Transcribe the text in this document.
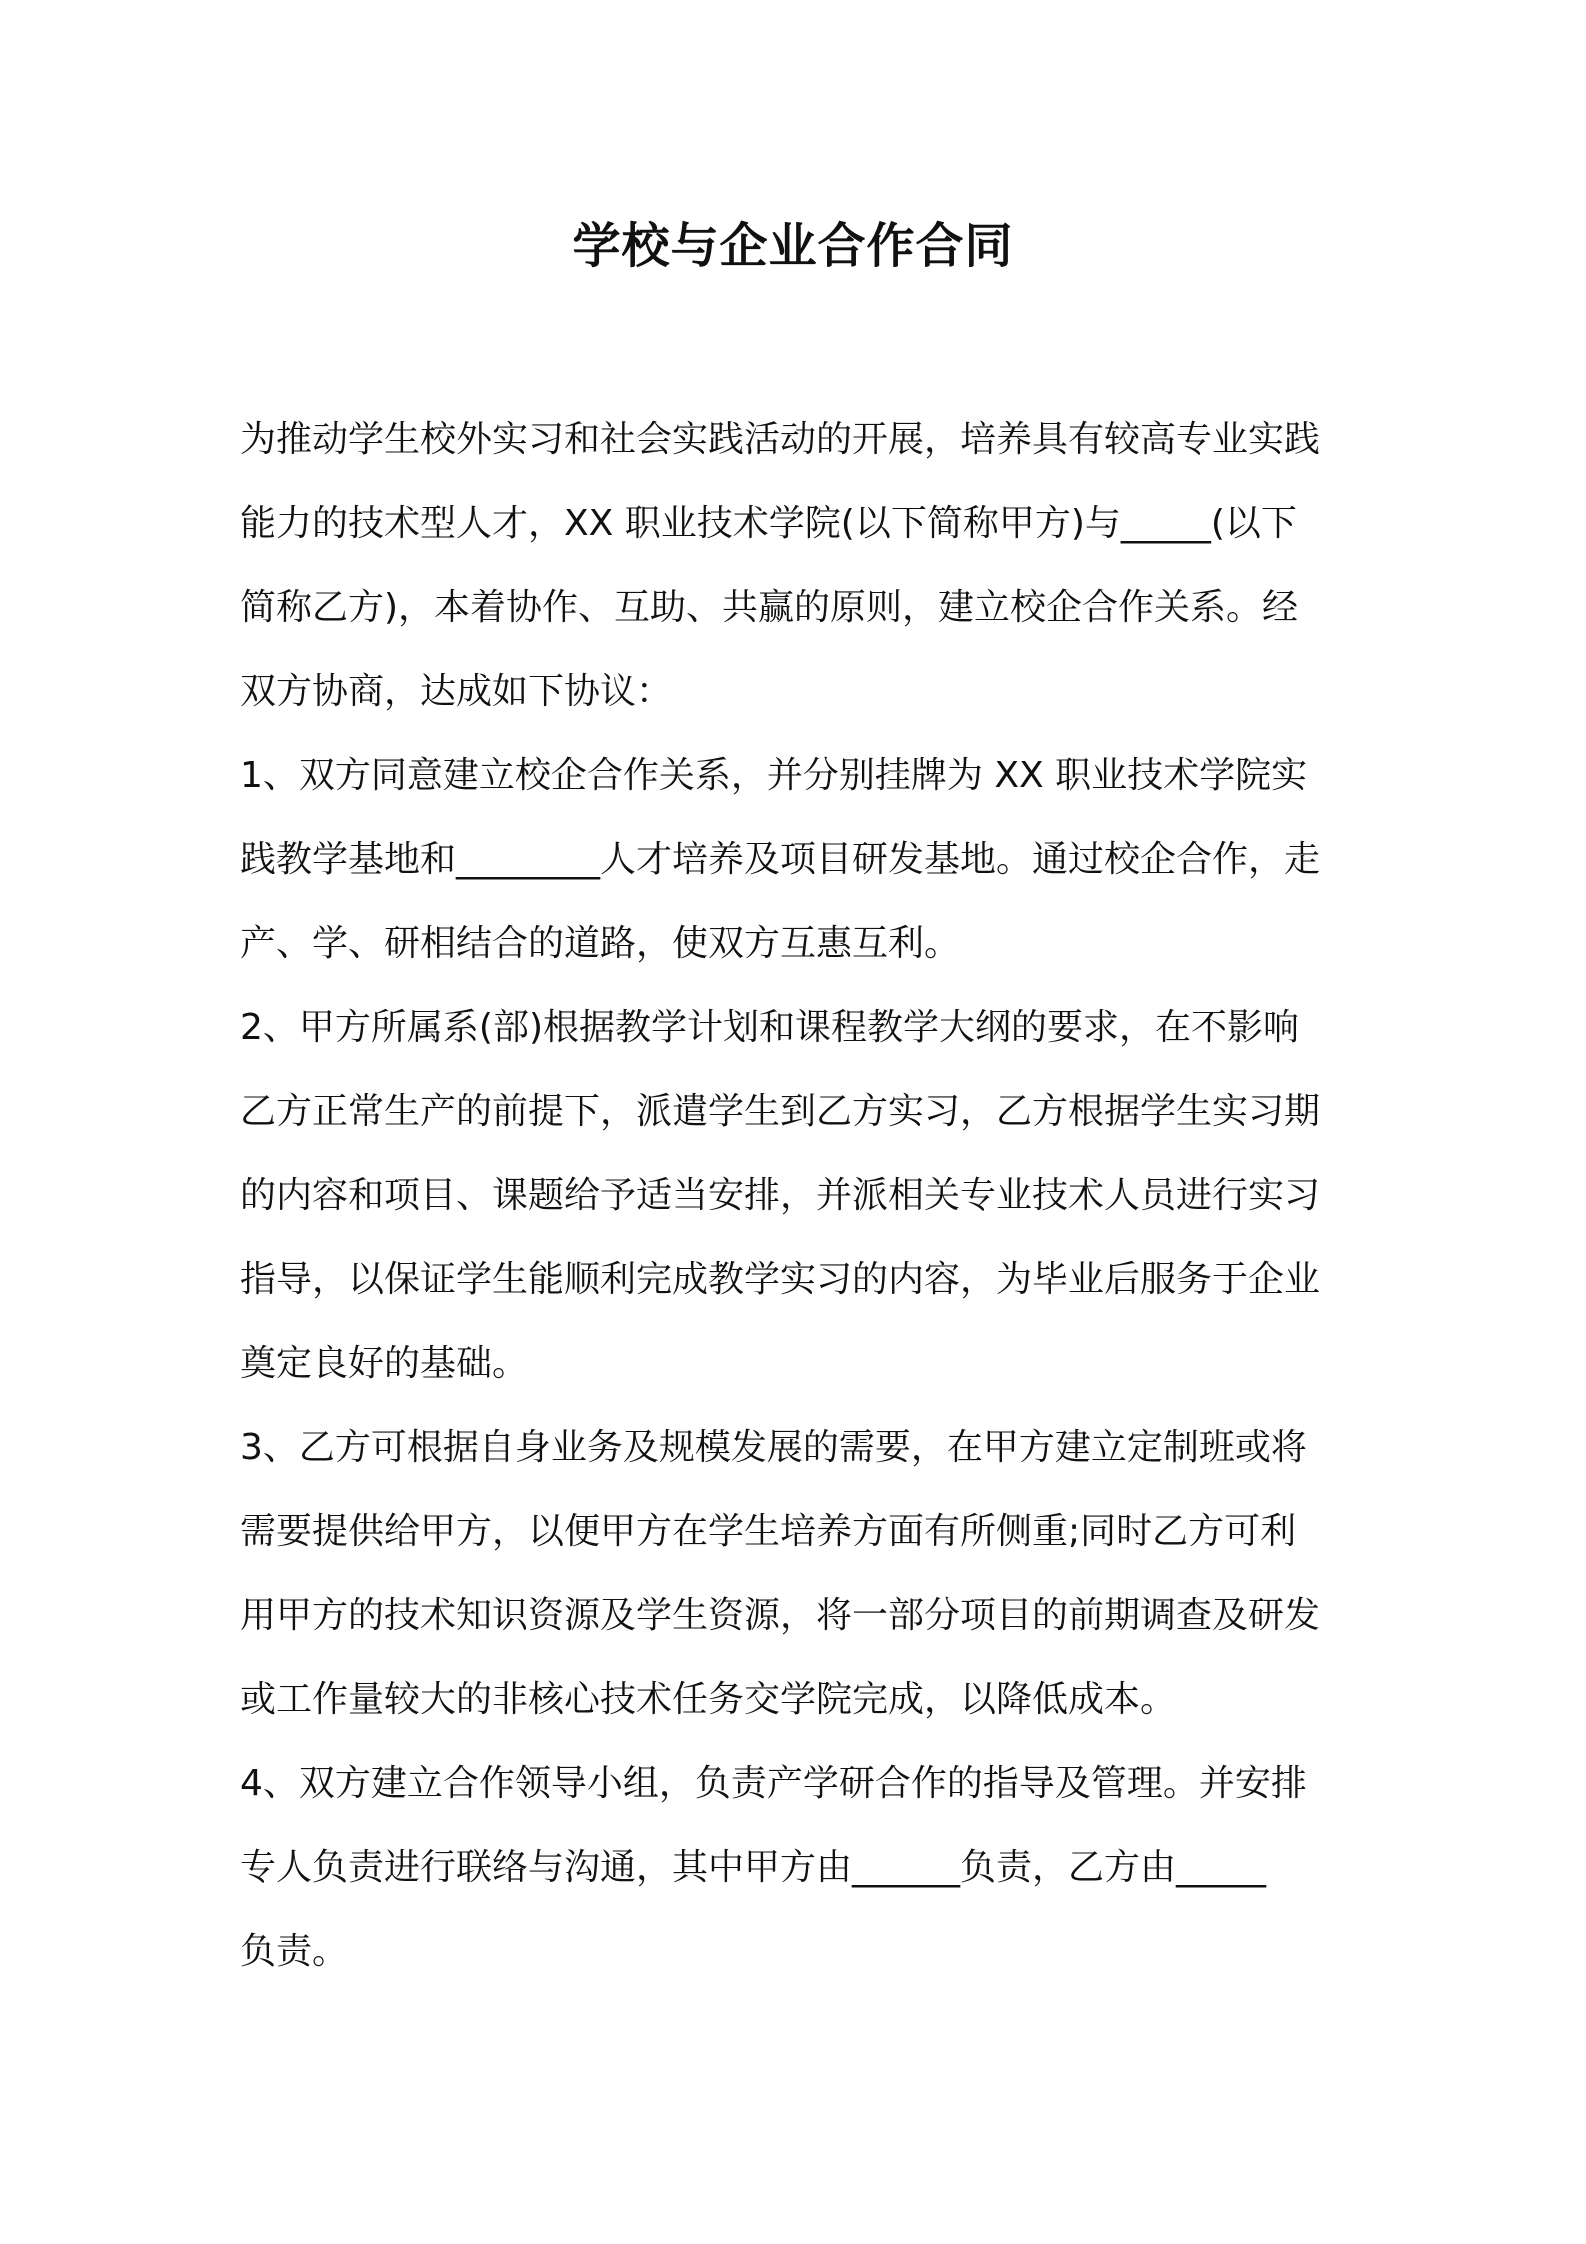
学校与企业合作合同
为推动学生校外实习和社会实践活动的开展，培养具有较高专业实践
能力的技术型人才，XX 职业技术学院(以下简称甲方)与_____(以下
简称乙方)，本着协作、互助、共赢的原则，建立校企合作关系。经
双方协商，达成如下协议：
1、双方同意建立校企合作关系，并分别挂牌为 XX 职业技术学院实
践教学基地和________人才培养及项目研发基地。通过校企合作，走
产、学、研相结合的道路，使双方互惠互利。
2、甲方所属系(部)根据教学计划和课程教学大纲的要求，在不影响
乙方正常生产的前提下，派遣学生到乙方实习，乙方根据学生实习期
的内容和项目、课题给予适当安排，并派相关专业技术人员进行实习
指导，以保证学生能顺利完成教学实习的内容，为毕业后服务于企业
奠定良好的基础。
3、乙方可根据自身业务及规模发展的需要，在甲方建立定制班或将
需要提供给甲方，以便甲方在学生培养方面有所侧重;同时乙方可利
用甲方的技术知识资源及学生资源，将一部分项目的前期调查及研发
或工作量较大的非核心技术任务交学院完成，以降低成本。
4、双方建立合作领导小组，负责产学研合作的指导及管理。并安排
专人负责进行联络与沟通，其中甲方由______负责，乙方由_____
负责。
